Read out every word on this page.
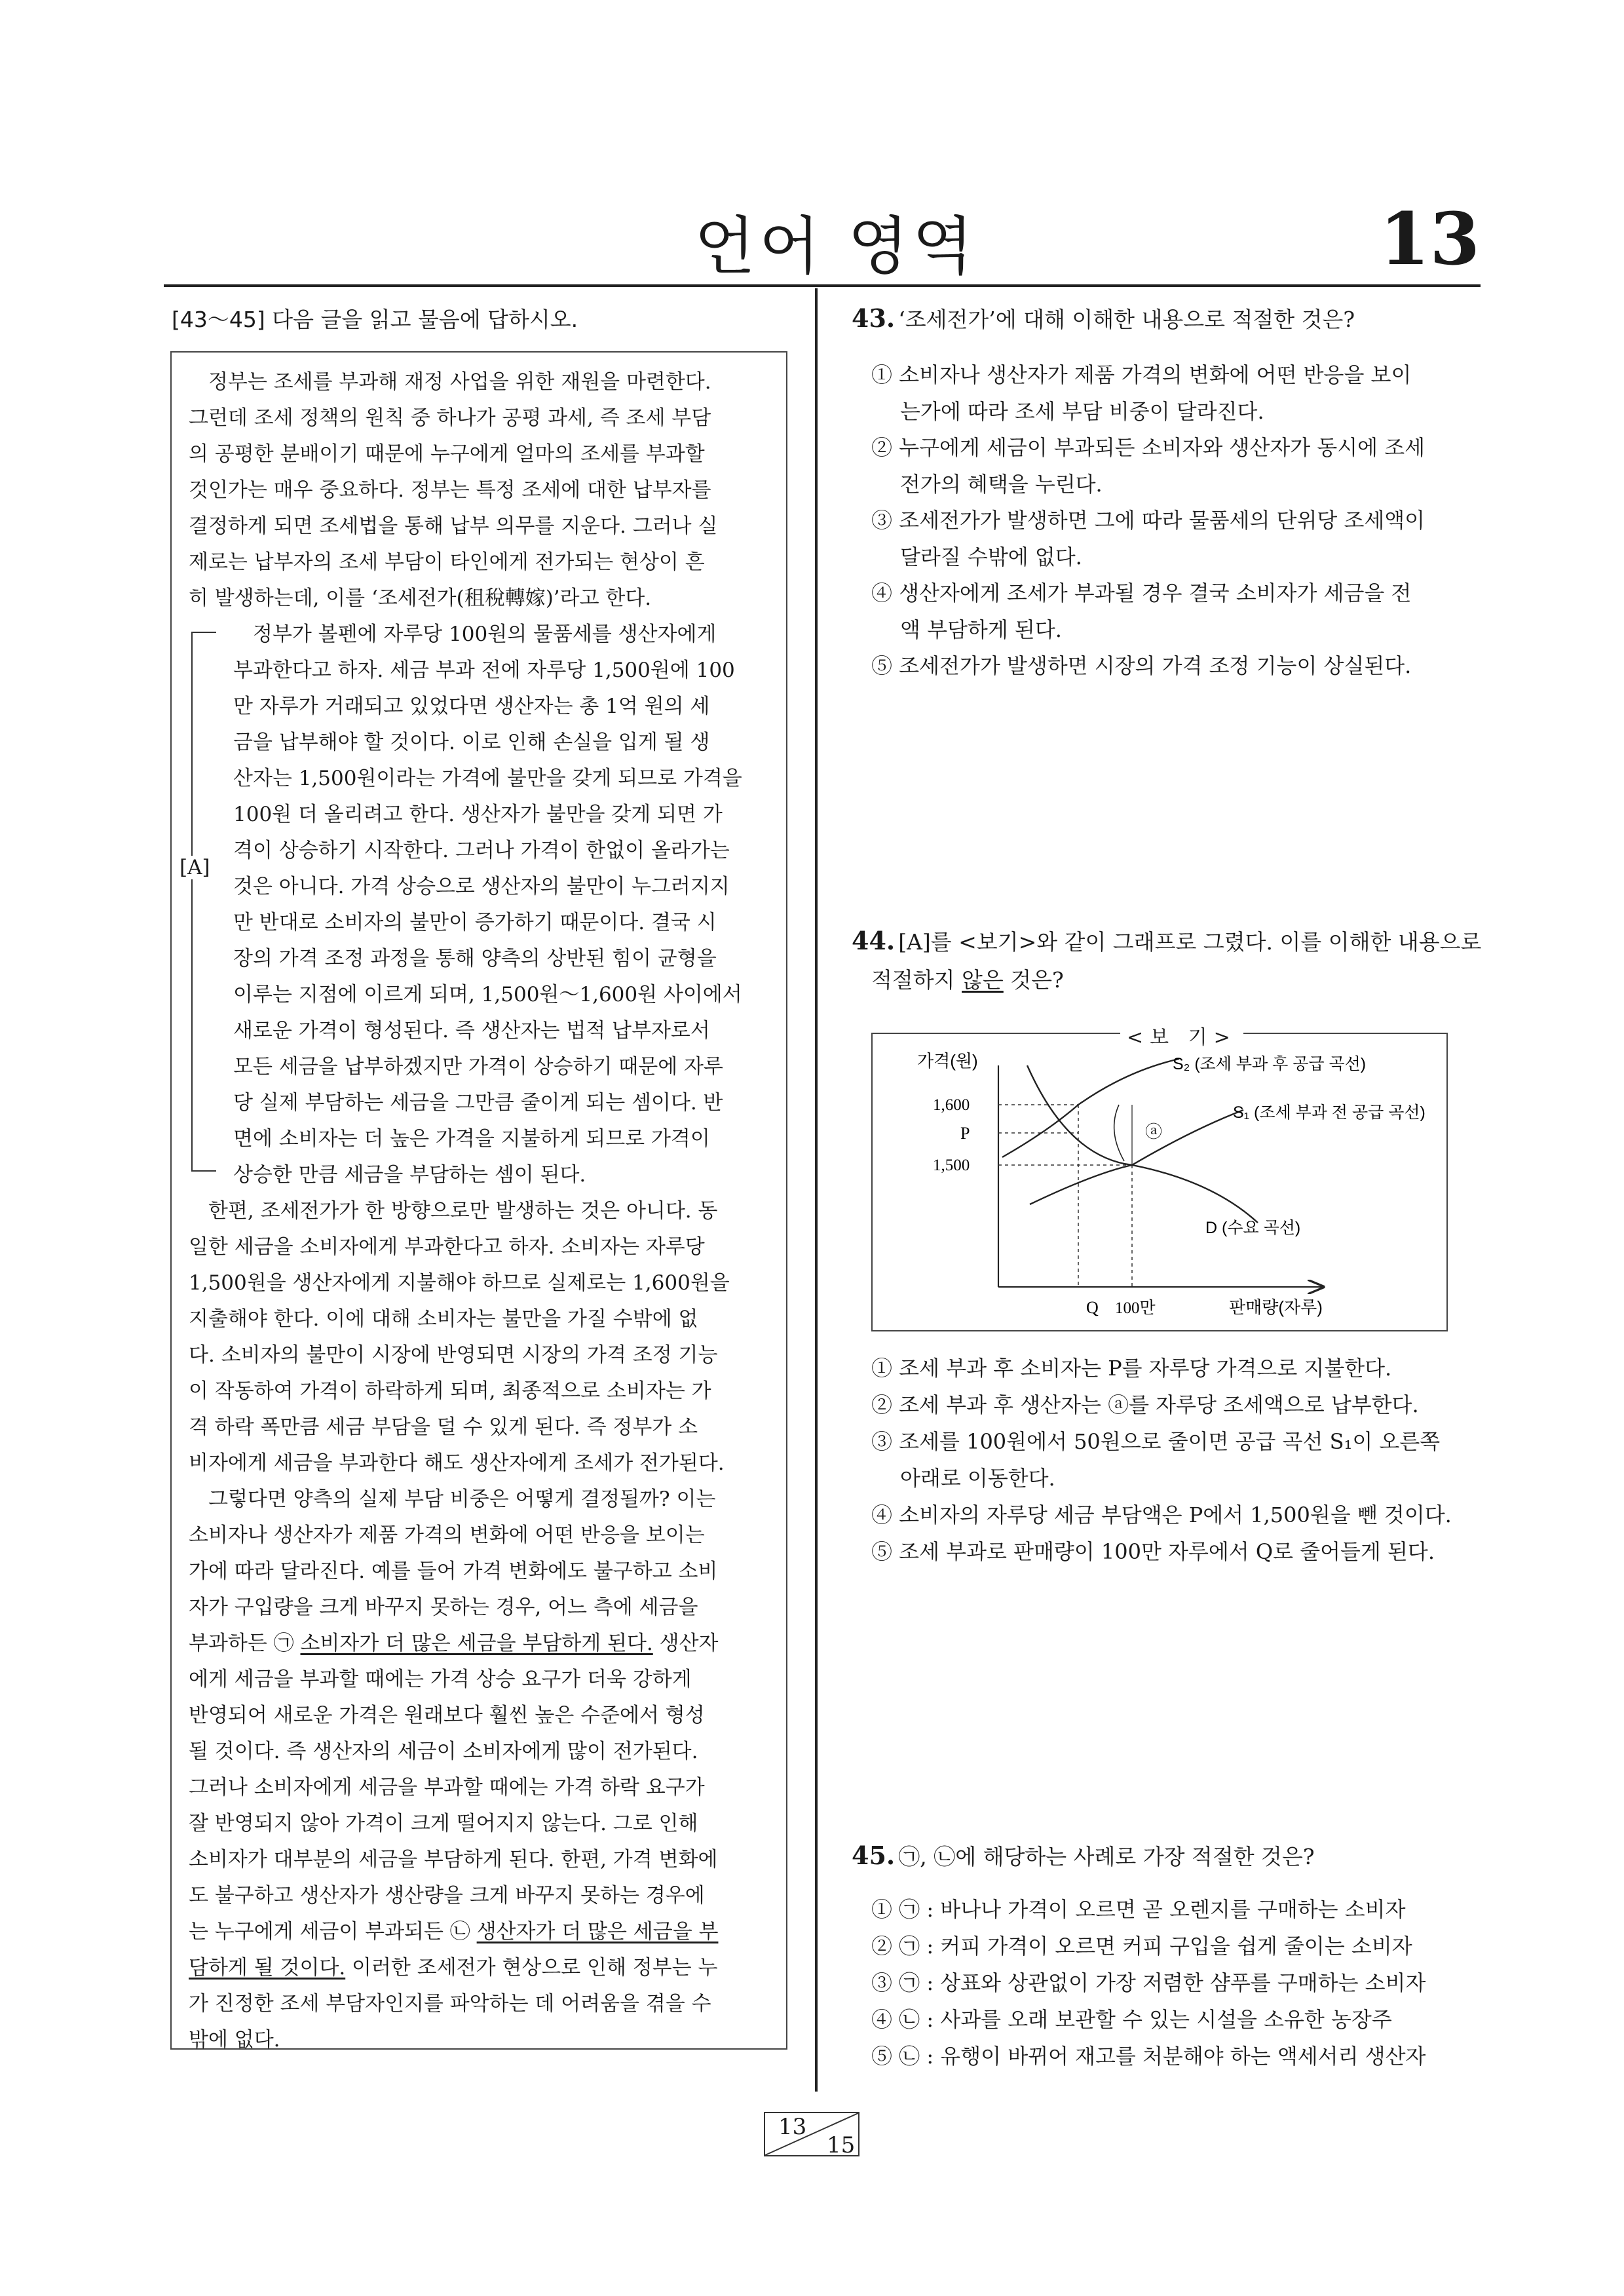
언어 영역	13
[43～45] 다음 글을 읽고 물음에 답하시오.
정부는 조세를 부과해 재정 사업을 위한 재원을 마련한다.
그런데 조세 정책의 원칙 중 하나가 공평 과세, 즉 조세 부담
의 공평한 분배이기 때문에 누구에게 얼마의 조세를 부과할
것인가는 매우 중요하다. 정부는 특정 조세에 대한 납부자를
결정하게 되면 조세법을 통해 납부 의무를 지운다. 그러나 실
제로는 납부자의 조세 부담이 타인에게 전가되는 현상이 흔
히 발생하는데, 이를 ‘조세전가(租稅轉嫁)’라고 한다.
[A]
정부가 볼펜에 자루당 100원의 물품세를 생산자에게
부과한다고 하자. 세금 부과 전에 자루당 1,500원에 100
만 자루가 거래되고 있었다면 생산자는 총 1억 원의 세
금을 납부해야 할 것이다. 이로 인해 손실을 입게 될 생
산자는 1,500원이라는 가격에 불만을 갖게 되므로 가격을
100원 더 올리려고 한다. 생산자가 불만을 갖게 되면 가
격이 상승하기 시작한다. 그러나 가격이 한없이 올라가는
것은 아니다. 가격 상승으로 생산자의 불만이 누그러지지
만 반대로 소비자의 불만이 증가하기 때문이다. 결국 시
장의 가격 조정 과정을 통해 양측의 상반된 힘이 균형을
이루는 지점에 이르게 되며, 1,500원～1,600원 사이에서
새로운 가격이 형성된다. 즉 생산자는 법적 납부자로서
모든 세금을 납부하겠지만 가격이 상승하기 때문에 자루
당 실제 부담하는 세금을 그만큼 줄이게 되는 셈이다. 반
면에 소비자는 더 높은 가격을 지불하게 되므로 가격이
상승한 만큼 세금을 부담하는 셈이 된다.
한편, 조세전가가 한 방향으로만 발생하는 것은 아니다. 동
일한 세금을 소비자에게 부과한다고 하자. 소비자는 자루당
1,500원을 생산자에게 지불해야 하므로 실제로는 1,600원을
지출해야 한다. 이에 대해 소비자는 불만을 가질 수밖에 없
다. 소비자의 불만이 시장에 반영되면 시장의 가격 조정 기능
이 작동하여 가격이 하락하게 되며, 최종적으로 소비자는 가
격 하락 폭만큼 세금 부담을 덜 수 있게 된다. 즉 정부가 소
비자에게 세금을 부과한다 해도 생산자에게 조세가 전가된다.
그렇다면 양측의 실제 부담 비중은 어떻게 결정될까? 이는
소비자나 생산자가 제품 가격의 변화에 어떤 반응을 보이는
가에 따라 달라진다. 예를 들어 가격 변화에도 불구하고 소비
자가 구입량을 크게 바꾸지 못하는 경우, 어느 측에 세금을
부과하든 ㉠ 소비자가 더 많은 세금을 부담하게 된다. 생산자
에게 세금을 부과할 때에는 가격 상승 요구가 더욱 강하게
반영되어 새로운 가격은 원래보다 훨씬 높은 수준에서 형성
될 것이다. 즉 생산자의 세금이 소비자에게 많이 전가된다.
그러나 소비자에게 세금을 부과할 때에는 가격 하락 요구가
잘 반영되지 않아 가격이 크게 떨어지지 않는다. 그로 인해
소비자가 대부분의 세금을 부담하게 된다. 한편, 가격 변화에
도 불구하고 생산자가 생산량을 크게 바꾸지 못하는 경우에
는 누구에게 세금이 부과되든 ㉡ 생산자가 더 많은 세금을 부
담하게 될 것이다. 이러한 조세전가 현상으로 인해 정부는 누
가 진정한 조세 부담자인지를 파악하는 데 어려움을 겪을 수
밖에 없다.
43. ‘조세전가’에 대해 이해한 내용으로 적절한 것은?
① 소비자나 생산자가 제품 가격의 변화에 어떤 반응을 보이
는가에 따라 조세 부담 비중이 달라진다.
② 누구에게 세금이 부과되든 소비자와 생산자가 동시에 조세
전가의 혜택을 누린다.
③ 조세전가가 발생하면 그에 따라 물품세의 단위당 조세액이
달라질 수밖에 없다.
④ 생산자에게 조세가 부과될 경우 결국 소비자가 세금을 전
액 부담하게 된다.
⑤ 조세전가가 발생하면 시장의 가격 조정 기능이 상실된다.
44. [A]를 <보기>와 같이 그래프로 그렸다. 이를 이해한 내용으로
적절하지 않은 것은?
<보 기>
가격(원)
1,600
P
1,500
Q 100만	판매량(자루)
S₂ (조세 부과 후 공급 곡선)
S₁ (조세 부과 전 공급 곡선)
D (수요 곡선)
ⓐ
① 조세 부과 후 소비자는 P를 자루당 가격으로 지불한다.
② 조세 부과 후 생산자는 ⓐ를 자루당 조세액으로 납부한다.
③ 조세를 100원에서 50원으로 줄이면 공급 곡선 S₁이 오른쪽
아래로 이동한다.
④ 소비자의 자루당 세금 부담액은 P에서 1,500원을 뺀 것이다.
⑤ 조세 부과로 판매량이 100만 자루에서 Q로 줄어들게 된다.
45. ㉠, ㉡에 해당하는 사례로 가장 적절한 것은?
① ㉠ : 바나나 가격이 오르면 곧 오렌지를 구매하는 소비자
② ㉠ : 커피 가격이 오르면 커피 구입을 쉽게 줄이는 소비자
③ ㉠ : 상표와 상관없이 가장 저렴한 샴푸를 구매하는 소비자
④ ㉡ : 사과를 오래 보관할 수 있는 시설을 소유한 농장주
⑤ ㉡ : 유행이 바뀌어 재고를 처분해야 하는 액세서리 생산자
13
15
